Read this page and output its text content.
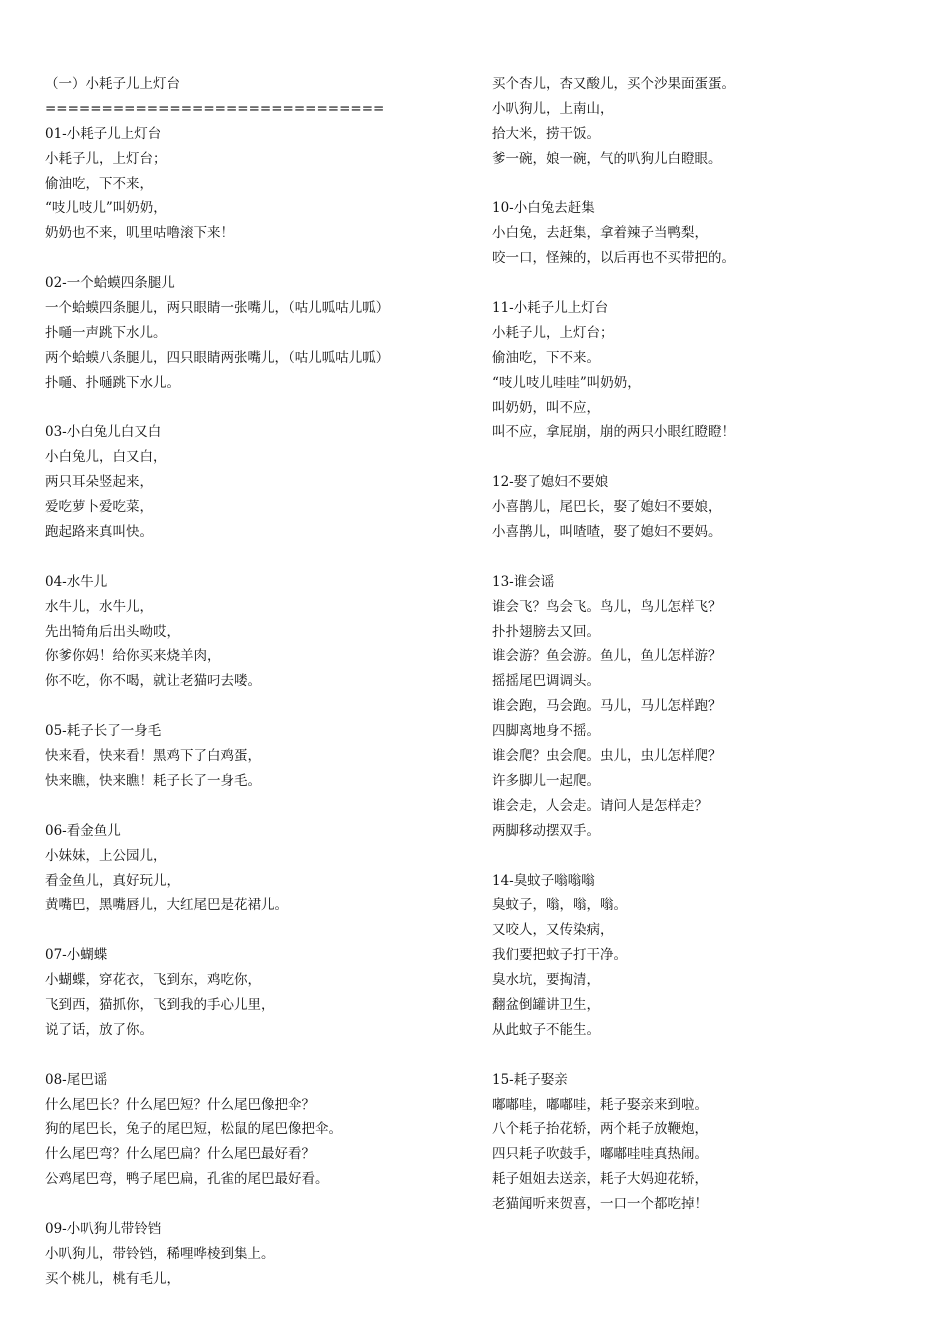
（一）小耗子儿上灯台
==============================
01-小耗子儿上灯台
小耗子儿，上灯台；
偷油吃，下不来，
“吱儿吱儿”叫奶奶，
奶奶也不来，叽里咕噜滚下来！
02-一个蛤蟆四条腿儿
一个蛤蟆四条腿儿，两只眼睛一张嘴儿，（咕儿呱咕儿呱）
扑嗵一声跳下水儿。
两个蛤蟆八条腿儿，四只眼睛两张嘴儿，（咕儿呱咕儿呱）
扑嗵、扑嗵跳下水儿。
03-小白兔儿白又白
小白兔儿，白又白，
两只耳朵竖起来，
爱吃萝卜爱吃菜，
跑起路来真叫快。
04-水牛儿
水牛儿，水牛儿，
先出犄角后出头呦哎，
你爹你妈！给你买来烧羊肉，
你不吃，你不喝，就让老猫叼去喽。
05-耗子长了一身毛
快来看，快来看！黑鸡下了白鸡蛋，
快来瞧，快来瞧！耗子长了一身毛。
06-看金鱼儿
小妹妹，上公园儿，
看金鱼儿，真好玩儿，
黄嘴巴，黑嘴唇儿，大红尾巴是花裙儿。
07-小蝴蝶
小蝴蝶，穿花衣，飞到东，鸡吃你，
飞到西，猫抓你，飞到我的手心儿里，
说了话，放了你。
08-尾巴谣
什么尾巴长？什么尾巴短？什么尾巴像把伞？
狗的尾巴长，兔子的尾巴短，松鼠的尾巴像把伞。
什么尾巴弯？什么尾巴扁？什么尾巴最好看？
公鸡尾巴弯，鸭子尾巴扁，孔雀的尾巴最好看。
09-小叭狗儿带铃铛
小叭狗儿，带铃铛，稀哩哗棱到集上。
买个桃儿，桃有毛儿，
买个杏儿，杏又酸儿，买个沙果面蛋蛋。
小叭狗儿，上南山，
拾大米，捞干饭。
爹一碗，娘一碗，气的叭狗儿白瞪眼。
10-小白兔去赶集
小白兔，去赶集，拿着辣子当鸭梨，
咬一口，怪辣的，以后再也不买带把的。
11-小耗子儿上灯台
小耗子儿，上灯台；
偷油吃，下不来。
“吱儿吱儿哇哇”叫奶奶，
叫奶奶，叫不应，
叫不应，拿屁崩，崩的两只小眼红瞪瞪！
12-娶了媳妇不要娘
小喜鹊儿，尾巴长，娶了媳妇不要娘，
小喜鹊儿，叫喳喳，娶了媳妇不要妈。
13-谁会谣
谁会飞？鸟会飞。鸟儿，鸟儿怎样飞？
扑扑翅膀去又回。
谁会游？鱼会游。鱼儿，鱼儿怎样游？
摇摇尾巴调调头。
谁会跑，马会跑。马儿，马儿怎样跑？
四脚离地身不摇。
谁会爬？虫会爬。虫儿，虫儿怎样爬？
许多脚儿一起爬。
谁会走，人会走。请问人是怎样走？
两脚移动摆双手。
14-臭蚊子嗡嗡嗡
臭蚊子，嗡，嗡，嗡。
又咬人，又传染病，
我们要把蚊子打干净。
臭水坑，要掏清，
翻盆倒罐讲卫生，
从此蚊子不能生。
15-耗子娶亲
嘟嘟哇，嘟嘟哇，耗子娶亲来到啦。
八个耗子抬花轿，两个耗子放鞭炮，
四只耗子吹鼓手，嘟嘟哇哇真热闹。
耗子姐姐去送亲，耗子大妈迎花轿，
老猫闻听来贺喜，一口一个都吃掉！
